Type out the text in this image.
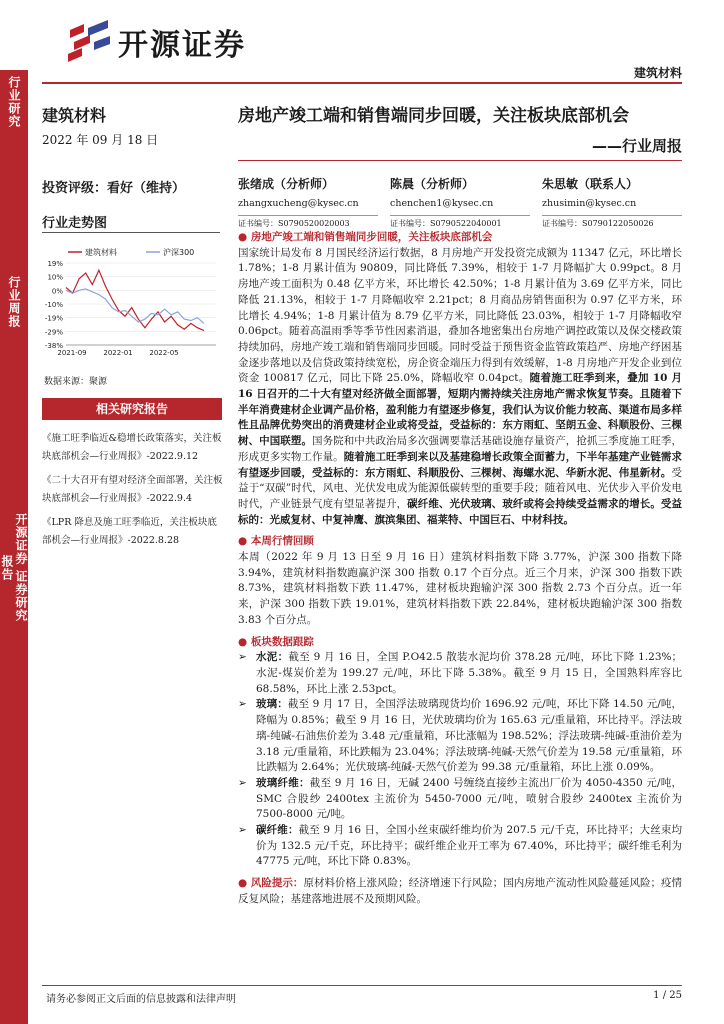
行业研究
行业周报
开源证券 证券研究报告
开源证券
建筑材料
建筑材料
2022 年 09 月 18 日
投资评级：看好（维持）
行业走势图
建筑材料	沪深300
19%
10%
0%
-10%
-19%
-29%
-38%
2021-09 2022-01 2022-05
数据来源：聚源
相关研究报告
《施工旺季临近&稳增长政策落实，关注板块底部机会—行业周报》-2022.9.12
《二十大召开有望对经济全面部署，关注板块底部机会—行业周报》-2022.9.4
《LPR 降息及施工旺季临近，关注板块底部机会—行业周报》-2022.8.28
房地产竣工端和销售端同步回暖，关注板块底部机会
——行业周报
张绪成（分析师）
zhangxucheng@kysec.cn
证书编号：S0790520020003
陈晨（分析师）
chenchen1@kysec.cn
证书编号：S0790522040001
朱思敏（联系人）
zhusimin@kysec.cn
证书编号：S0790122050026
● 房地产竣工端和销售端同步回暖，关注板块底部机会

国家统计局发布 8 月国民经济运行数据，8 月房地产开发投资完成额为 11347 亿元，环比增长 1.78%；1-8 月累计值为 90809，同比降低 7.39%，相较于 1-7 月降幅扩大 0.99pct。8 月房地产竣工面积为 0.48 亿平方米，环比增长 42.50%；1-8 月累计值为 3.69 亿平方米，同比降低 21.13%，相较于 1-7 月降幅收窄 2.21pct；8 月商品房销售面积为 0.97 亿平方米，环比增长 4.94%；1-8 月累计值为 8.79 亿平方米，同比降低 23.03%，相较于 1-7 月降幅收窄 0.06pct。随着高温雨季等季节性因素消退，叠加各地密集出台房地产调控政策以及保交楼政策持续加码，房地产竣工端和销售端同步回暖。同时受益于预售资金监管政策趋严、房地产纾困基金逐步落地以及信贷政策持续宽松，房企资金端压力得到有效缓解，1-8 月房地产开发企业到位资金 100817 亿元，同比下降 25.0%，降幅收窄 0.04pct。随着施工旺季到来，叠加 10 月 16 日召开的二十大有望对经济做全面部署，短期内需持续关注房地产需求恢复节奏。且随着下半年消费建材企业调产品价格，盈利能力有望逐步修复，我们认为议价能力较高、渠道布局多样性且品牌优势突出的消费建材企业或将受益，受益标的：东方雨虹、坚朗五金、科顺股份、三棵树、中国联塑。国务院和中共政治局多次强调要靠活基础设施存量资产，抢抓三季度施工旺季，形成更多实物工作量。随着施工旺季到来以及基建稳增长政策全面蓄力，下半年基建产业链需求有望逐步回暖，受益标的：东方雨虹、科顺股份、三棵树、海螺水泥、华新水泥、伟星新材。受益于“双碳”时代，风电、光伏发电成为能源低碳转型的重要手段；随着风电、光伏步入平价发电时代，产业链景气度有望显著提升，碳纤维、光伏玻璃、玻纤或将会持续受益需求的增长。受益标的：光威复材、中复神鹰、旗滨集团、福莱特、中国巨石、中材科技。

● 本周行情回顾

本周（2022 年 9 月 13 日至 9 月 16 日）建筑材料指数下降 3.77%，沪深 300 指数下降 3.94%，建筑材料指数跑赢沪深 300 指数 0.17 个百分点。近三个月来，沪深 300 指数下跌 8.73%，建筑材料指数下跌 11.47%，建材板块跑输沪深 300 指数 2.73 个百分点。近一年来，沪深 300 指数下跌 19.01%，建筑材料指数下跌 22.84%，建材板块跑输沪深 300 指数 3.83 个百分点。

● 板块数据跟踪
➢ 水泥：截至 9 月 16 日，全国 P.O42.5 散装水泥均价 378.28 元/吨，环比下降 1.23%；水泥-煤炭价差为 199.27 元/吨，环比下降 5.38%。截至 9 月 15 日，全国熟料库容比 68.58%，环比上涨 2.53pct。
➢ 玻璃：截至 9 月 17 日，全国浮法玻璃现货均价 1696.92 元/吨，环比下降 14.50 元/吨，降幅为 0.85%；截至 9 月 16 日，光伏玻璃均价为 165.63 元/重量箱，环比持平。浮法玻璃-纯碱-石油焦价差为 3.48 元/重量箱，环比涨幅为 198.52%；浮法玻璃-纯碱-重油价差为 3.18 元/重量箱，环比跌幅为 23.04%；浮法玻璃-纯碱-天然气价差为 19.58 元/重量箱，环比跌幅为 2.64%；光伏玻璃-纯碱-天然气价差为 99.38 元/重量箱，环比上涨 0.09%。
➢ 玻璃纤维：截至 9 月 16 日，无碱 2400 号缠绕直接纱主流出厂价为 4050-4350 元/吨，SMC 合股纱 2400tex 主流价为 5450-7000 元/吨，喷射合股纱 2400tex 主流价为 7500-8000 元/吨。
➢ 碳纤维：截至 9 月 16 日，全国小丝束碳纤维均价为 207.5 元/千克，环比持平；大丝束均价为 132.5 元/千克，环比持平；碳纤维企业开工率为 67.40%，环比持平；碳纤维毛利为 47775 元/吨，环比下降 0.83%。

● 风险提示：原材料价格上涨风险；经济增速下行风险；国内房地产流动性风险蔓延风险；疫情反复风险；基建落地进展不及预期风险。

请务必参阅正文后面的信息披露和法律声明	1 / 25
